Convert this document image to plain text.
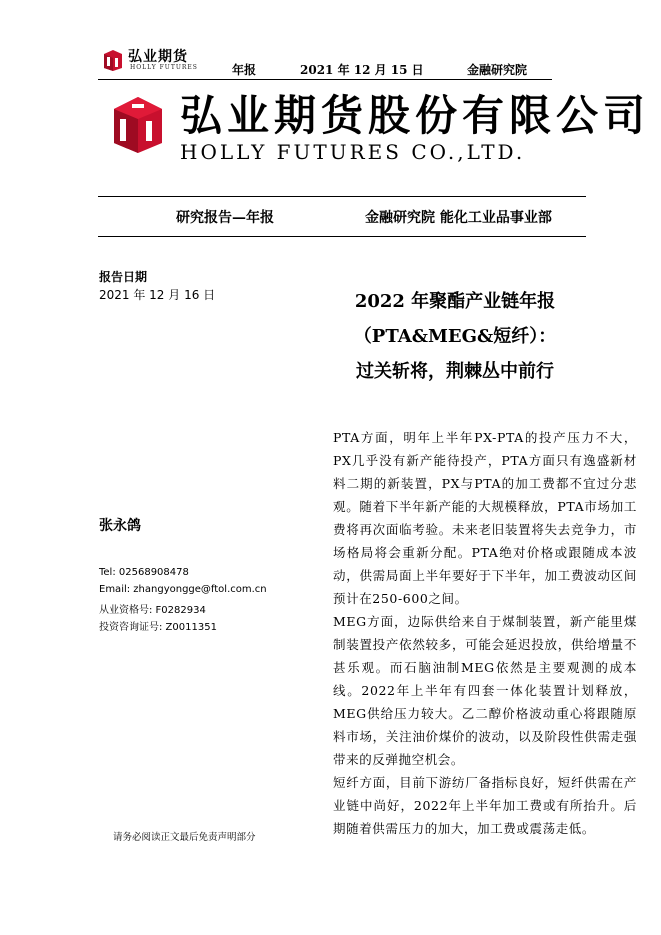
弘业期货
HOLLY FUTURES	年报	2021 年 12 月 15 日	金融研究院
弘业期货股份有限公司
HOLLY FUTURES CO.,LTD.
研究报告—年报	金融研究院 能化工业品事业部
报告日期
2021 年 12 月 16 日
张永鸽
Tel: 02568908478
Email: zhangyongge@ftol.com.cn
从业资格号: F0282934
投资咨询证号: Z0011351
请务必阅读正文最后免责声明部分
2022 年聚酯产业链年报
（PTA&MEG&短纤）：
过关斩将，荆棘丛中前行

PTA方面，明年上半年PX-PTA的投产压力不大，PX几乎没有新产能待投产，PTA方面只有逸盛新材料二期的新装置，PX与PTA的加工费都不宜过分悲观。随着下半年新产能的大规模释放，PTA市场加工费将再次面临考验。未来老旧装置将失去竞争力，市场格局将会重新分配。PTA绝对价格或跟随成本波动，供需局面上半年要好于下半年，加工费波动区间预计在250-600之间。

MEG方面，边际供给来自于煤制装置，新产能里煤制装置投产依然较多，可能会延迟投放，供给增量不甚乐观。而石脑油制MEG依然是主要观测的成本线。2022年上半年有四套一体化装置计划释放，MEG供给压力较大。乙二醇价格波动重心将跟随原料市场，关注油价煤价的波动，以及阶段性供需走强带来的反弹抛空机会。

短纤方面，目前下游纺厂备指标良好，短纤供需在产业链中尚好，2022年上半年加工费或有所抬升。后期随着供需压力的加大，加工费或震荡走低。
